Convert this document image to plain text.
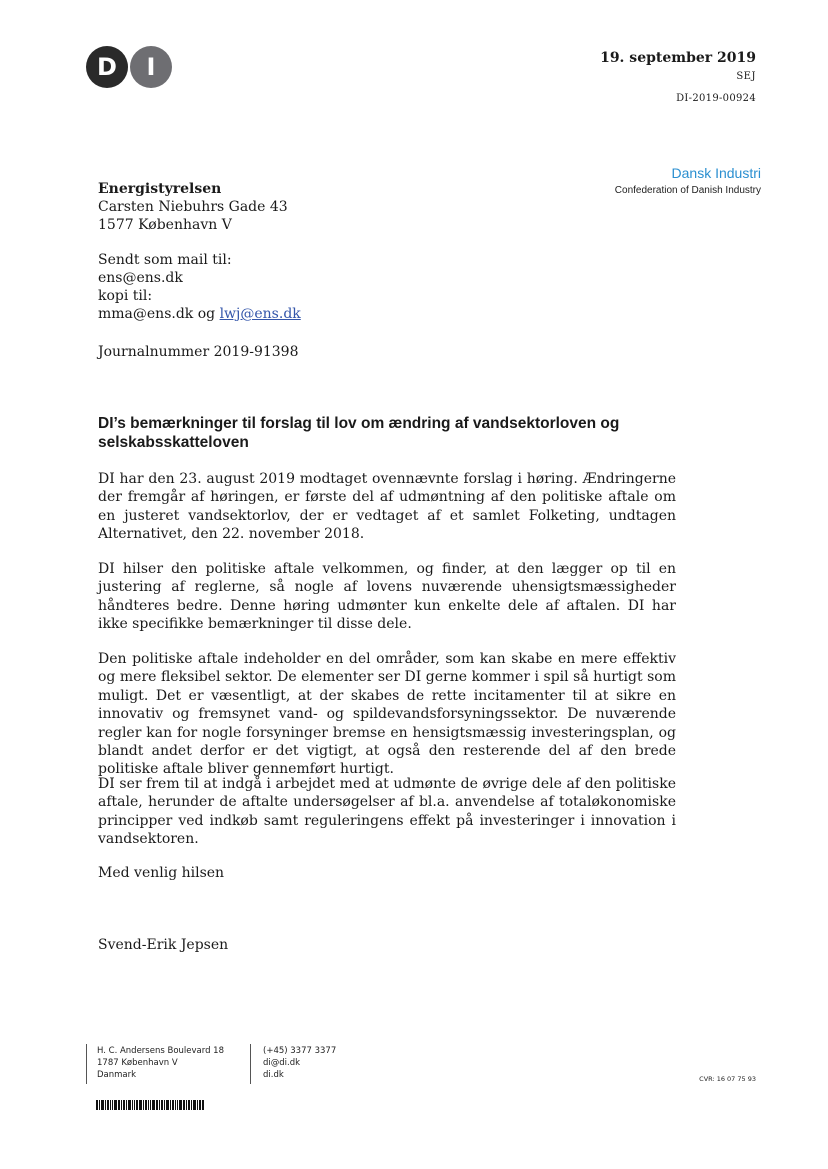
D	I	19. september 2019
SEJ
DI-2019-00924
Dansk Industri
Confederation of Danish Industry
Energistyrelsen
Carsten Niebuhrs Gade 43
1577 København V
Sendt som mail til:
ens@ens.dk
kopi til:
mma@ens.dk og lwj@ens.dk
Journalnummer 2019-91398
DI’s bemærkninger til forslag til lov om ændring af vandsektorloven og selskabsskatteloven
DI har den 23. august 2019 modtaget ovennævnte forslag i høring. Ændringerne der fremgår af høringen, er første del af udmøntning af den politiske aftale om en justeret vandsektorlov, der er vedtaget af et samlet Folketing, undtagen Alternativet, den 22. november 2018.
DI hilser den politiske aftale velkommen, og finder, at den lægger op til en justering af reglerne, så nogle af lovens nuværende uhensigtsmæssigheder håndteres bedre. Denne høring udmønter kun enkelte dele af aftalen. DI har ikke specifikke bemærkninger til disse dele.
Den politiske aftale indeholder en del områder, som kan skabe en mere effektiv og mere fleksibel sektor. De elementer ser DI gerne kommer i spil så hurtigt som muligt. Det er væsentligt, at der skabes de rette incitamenter til at sikre en innovativ og fremsynet vand- og spildevandsforsyningssektor. De nuværende regler kan for nogle forsyninger bremse en hensigtsmæssig investeringsplan, og blandt andet derfor er det vigtigt, at også den resterende del af den brede politiske aftale bliver gennemført hurtigt.
DI ser frem til at indgå i arbejdet med at udmønte de øvrige dele af den politiske aftale, herunder de aftalte undersøgelser af bl.a. anvendelse af totaløkonomiske principper ved indkøb samt reguleringens effekt på investeringer i innovation i vandsektoren.
Med venlig hilsen
Svend-Erik Jepsen
H. C. Andersens Boulevard 18
1787 København V
Danmark
(+45) 3377 3377
di@di.dk
di.dk	CVR: 16 07 75 93
